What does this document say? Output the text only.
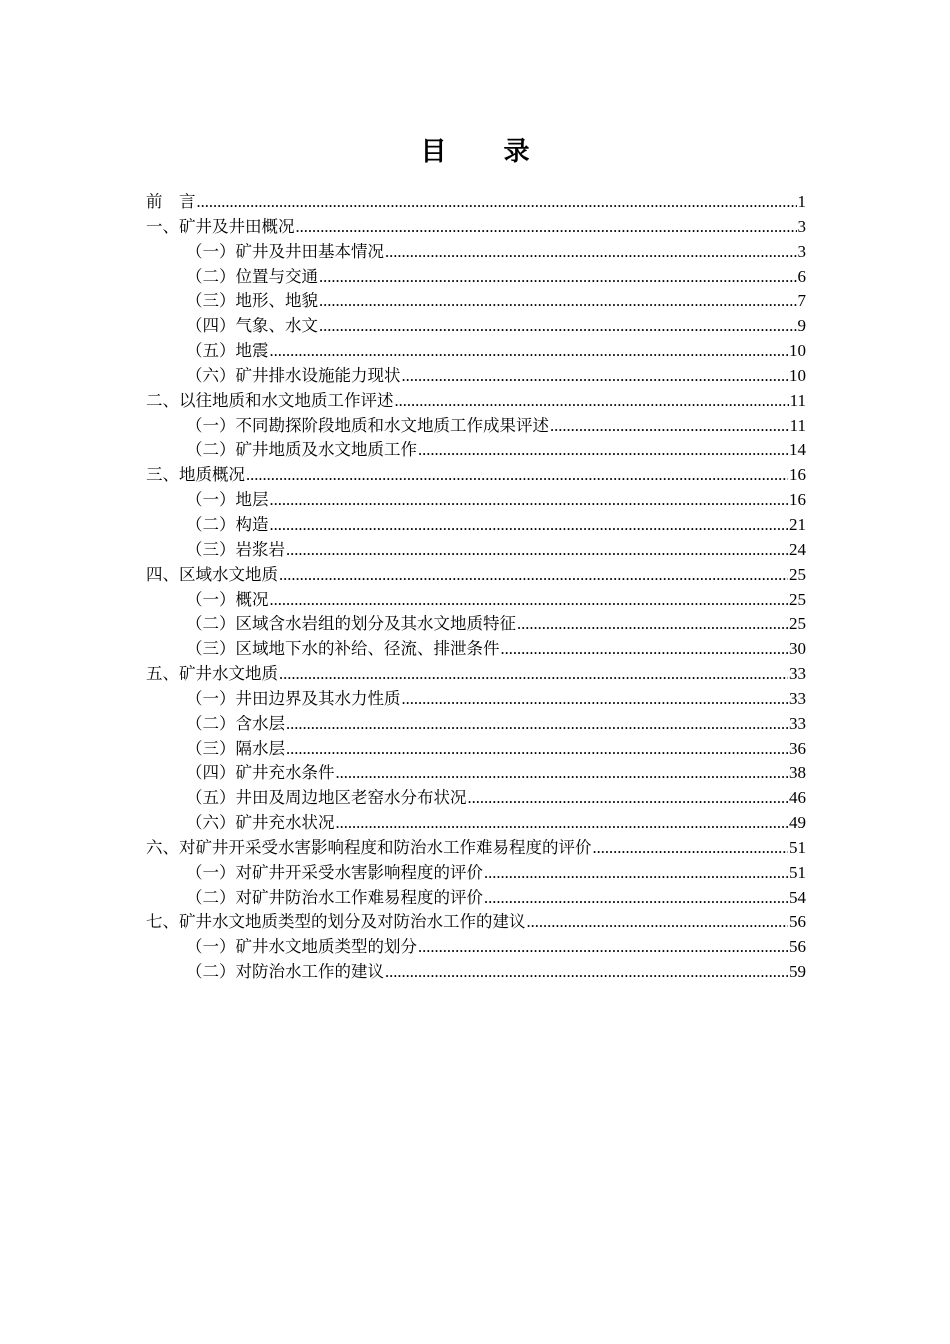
目 录
前　言 .....	1
一、矿井及井田概况 .....	3
（一）矿井及井田基本情况 .....	3
（二）位置与交通 .....	6
（三）地形、地貌 .....	7
（四）气象、水文 .....	9
（五）地震 .....	10
（六）矿井排水设施能力现状 .....	10
二、以往地质和水文地质工作评述 .....	11
（一）不同勘探阶段地质和水文地质工作成果评述 .....	11
（二）矿井地质及水文地质工作 .....	14
三、地质概况 .....	16
（一）地层 .....	16
（二）构造 .....	21
（三）岩浆岩 .....	24
四、区域水文地质 .....	25
（一）概况 .....	25
（二）区域含水岩组的划分及其水文地质特征 .....	25
（三）区域地下水的补给、径流、排泄条件 .....	30
五、矿井水文地质 .....	33
（一）井田边界及其水力性质 .....	33
（二）含水层 .....	33
（三）隔水层 .....	36
（四）矿井充水条件 .....	38
（五）井田及周边地区老窑水分布状况 .....	46
（六）矿井充水状况 .....	49
六、对矿井开采受水害影响程度和防治水工作难易程度的评价 .....	51
（一）对矿井开采受水害影响程度的评价 .....	51
（二）对矿井防治水工作难易程度的评价 .....	54
七、矿井水文地质类型的划分及对防治水工作的建议 .....	56
（一）矿井水文地质类型的划分 .....	56
（二）对防治水工作的建议 .....	59
